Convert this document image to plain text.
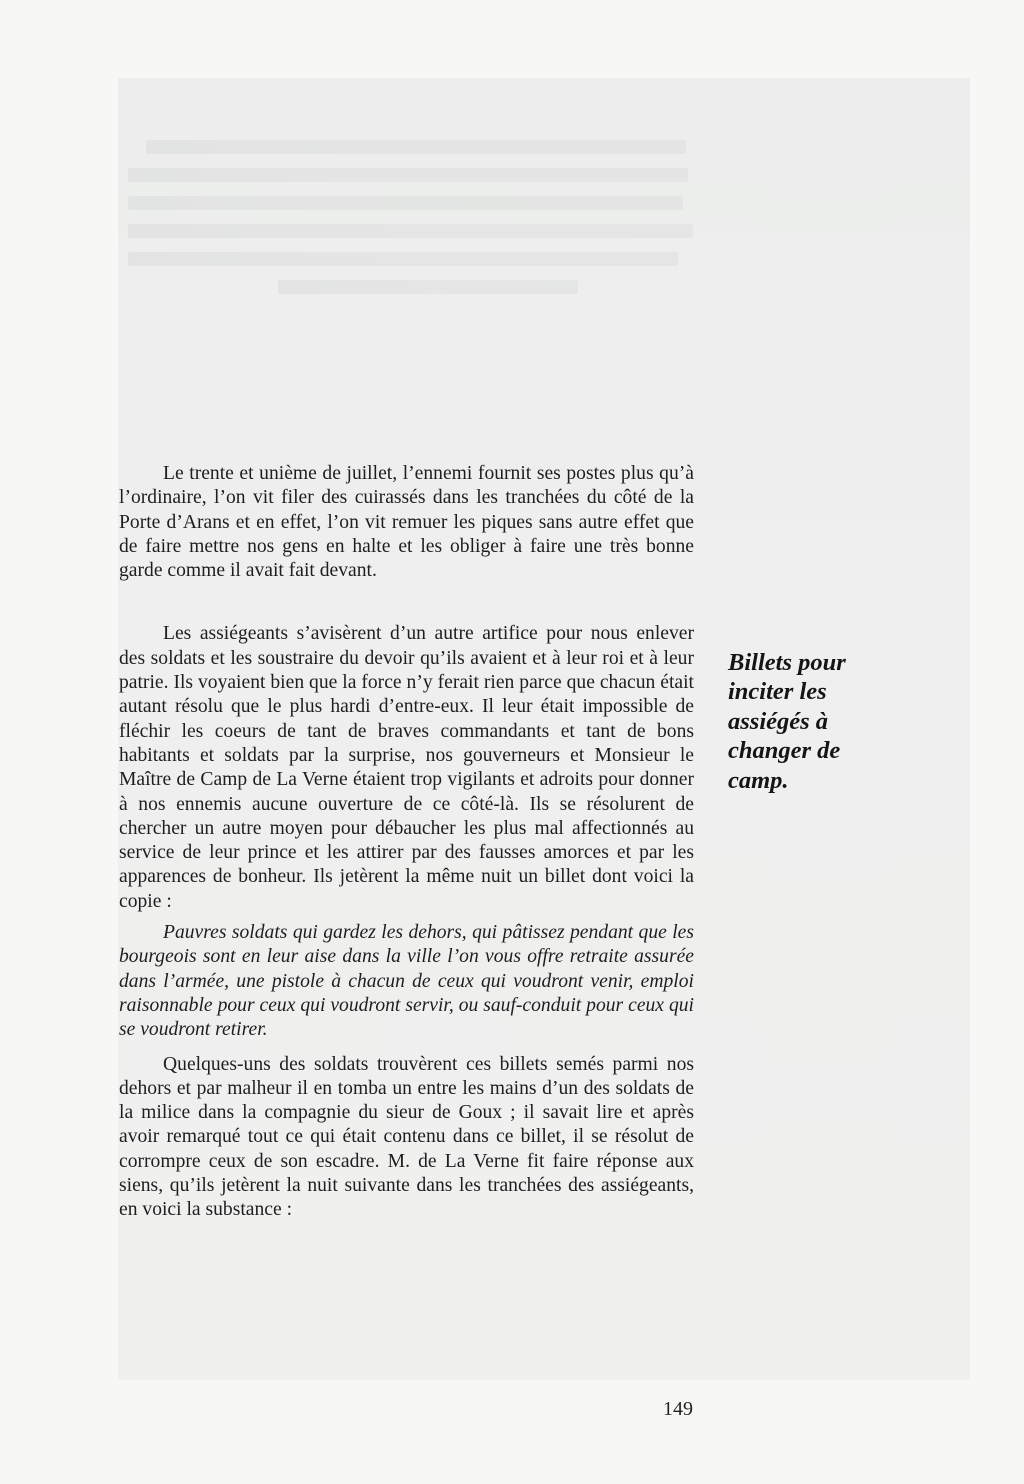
Le trente et unième de juillet, l’ennemi fournit ses postes plus qu’à l’ordinaire, l’on vit filer des cuirassés dans les tranchées du côté de la Porte d’Arans et en effet, l’on vit remuer les piques sans autre effet que de faire mettre nos gens en halte et les obliger à faire une très bonne garde comme il avait fait devant.

Les assiégeants s’avisèrent d’un autre artifice pour nous enlever des soldats et les soustraire du devoir qu’ils avaient et à leur roi et à leur patrie. Ils voyaient bien que la force n’y ferait rien parce que chacun était autant résolu que le plus hardi d’entre-eux. Il leur était impossible de fléchir les coeurs de tant de braves commandants et tant de bons habitants et soldats par la surprise, nos gouverneurs et Monsieur le Maître de Camp de La Verne étaient trop vigilants et adroits pour donner à nos ennemis aucune ouverture de ce côté-là. Ils se résolurent de chercher un autre moyen pour débaucher les plus mal affectionnés au service de leur prince et les attirer par des fausses amorces et par les apparences de bonheur. Ils jetèrent la même nuit un billet dont voici la copie :

Pauvres soldats qui gardez les dehors, qui pâtissez pendant que les bourgeois sont en leur aise dans la ville l’on vous offre retraite assurée dans l’armée, une pistole à chacun de ceux qui voudront venir, emploi raisonnable pour ceux qui voudront servir, ou sauf-conduit pour ceux qui se voudront retirer.

Quelques-uns des soldats trouvèrent ces billets semés parmi nos dehors et par malheur il en tomba un entre les mains d’un des soldats de la milice dans la compagnie du sieur de Goux ; il savait lire et après avoir remarqué tout ce qui était contenu dans ce billet, il se résolut de corrompre ceux de son escadre. M. de La Verne fit faire réponse aux siens, qu’ils jetèrent la nuit suivante dans les tranchées des assiégeants, en voici la substance :

Billets pour
inciter les
assiégés à
changer de
camp.
149
